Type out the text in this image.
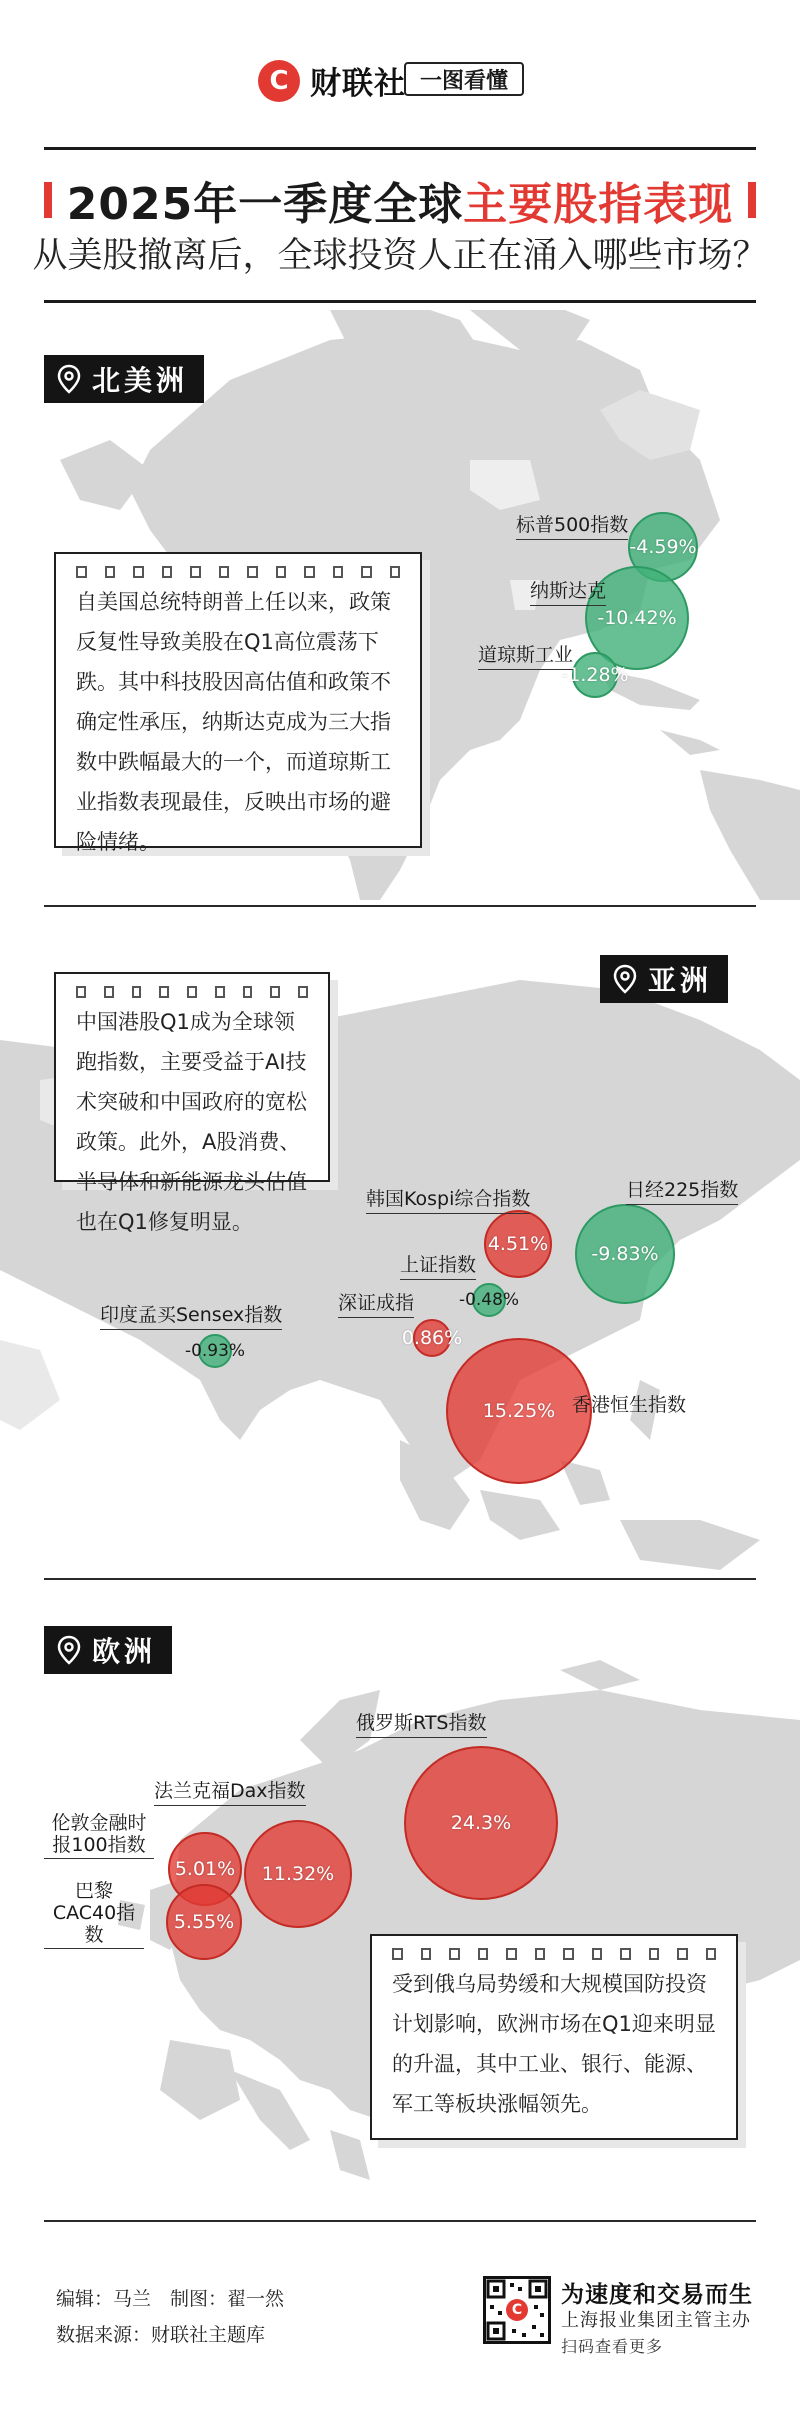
C 财联社 一图看懂
2025年一季度全球主要股指表现
从美股撤离后，全球投资人正在涌入哪些市场？
北美洲
-4.59%
-10.42%
-1.28%
标普500指数
纳斯达克
道琼斯工业
自美国总统特朗普上任以来，政策反复性导致美股在Q1高位震荡下跌。其中科技股因高估值和政策不确定性承压，纳斯达克成为三大指数中跌幅最大的一个，而道琼斯工业指数表现最佳，反映出市场的避险情绪。
亚洲
中国港股Q1成为全球领跑指数，主要受益于AI技术突破和中国政府的宽松政策。此外，A股消费、半导体和新能源龙头估值也在Q1修复明显。
-9.83%
4.51%
-0.48%
0.86%
15.25%
-0.93%
韩国Kospi综合指数	日经225指数
上证指数
深证成指
印度孟买Sensex指数
香港恒生指数
欧洲
24.3%
11.32%
5.01%
5.55%
俄罗斯RTS指数
法兰克福Dax指数
伦敦金融时报100指数
巴黎CAC40指数
受到俄乌局势缓和大规模国防投资计划影响，欧洲市场在Q1迎来明显的升温，其中工业、银行、能源、军工等板块涨幅领先。
编辑：马兰　制图：翟一然
数据来源：财联社主题库
C
为速度和交易而生
上海报业集团主管主办
扫码查看更多
